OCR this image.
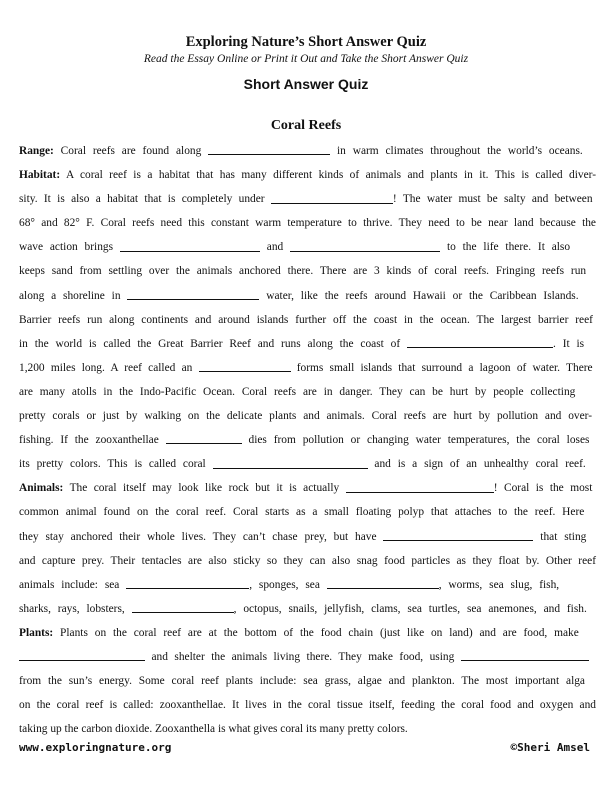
Exploring Nature’s Short Answer Quiz
Read the Essay Online or Print it Out and Take the Short Answer Quiz
Short Answer Quiz
Coral Reefs
Range: Coral reefs are found along	in warm climates throughout the world’s oceans.
Habitat: A coral reef is a habitat that has many different kinds of animals and plants in it. This is called diver-
sity. It is also a habitat that is completely under	! The water must be salty and between
68° and 82° F. Coral reefs need this constant warm temperature to thrive. They need to be near land because the
wave action brings	and	to the life there. It also
keeps sand from settling over the animals anchored there. There are 3 kinds of coral reefs. Fringing reefs run
along a shoreline in	water, like the reefs around Hawaii or the Caribbean Islands.
Barrier reefs run along continents and around islands further off the coast in the ocean. The largest barrier reef
in the world is called the Great Barrier Reef and runs along the coast of	. It is
1,200 miles long. A reef called an	forms small islands that surround a lagoon of water. There
are many atolls in the Indo-Pacific Ocean. Coral reefs are in danger. They can be hurt by people collecting
pretty corals or just by walking on the delicate plants and animals. Coral reefs are hurt by pollution and over-
fishing. If the zooxanthellae	dies from pollution or changing water temperatures, the coral loses
its pretty colors. This is called coral	and is a sign of an unhealthy coral reef.
Animals: The coral itself may look like rock but it is actually	! Coral is the most
common animal found on the coral reef. Coral starts as a small floating polyp that attaches to the reef. Here
they stay anchored their whole lives. They can’t chase prey, but have	that sting
and capture prey. Their tentacles are also sticky so they can also snag food particles as they float by. Other reef
animals include: sea	, sponges, sea	, worms, sea slug, fish,
sharks, rays, lobsters,	, octopus, snails, jellyfish, clams, sea turtles, sea anemones, and fish.
Plants: Plants on the coral reef are at the bottom of the food chain (just like on land) and are food, make
and shelter the animals living there. They make food, using
from the sun’s energy. Some coral reef plants include: sea grass, algae and plankton. The most important alga
on the coral reef is called: zooxanthellae. It lives in the coral tissue itself, feeding the coral food and oxygen and
taking up the carbon dioxide. Zooxanthella is what gives coral its many pretty colors.
www.exploringnature.org	©Sheri Amsel
